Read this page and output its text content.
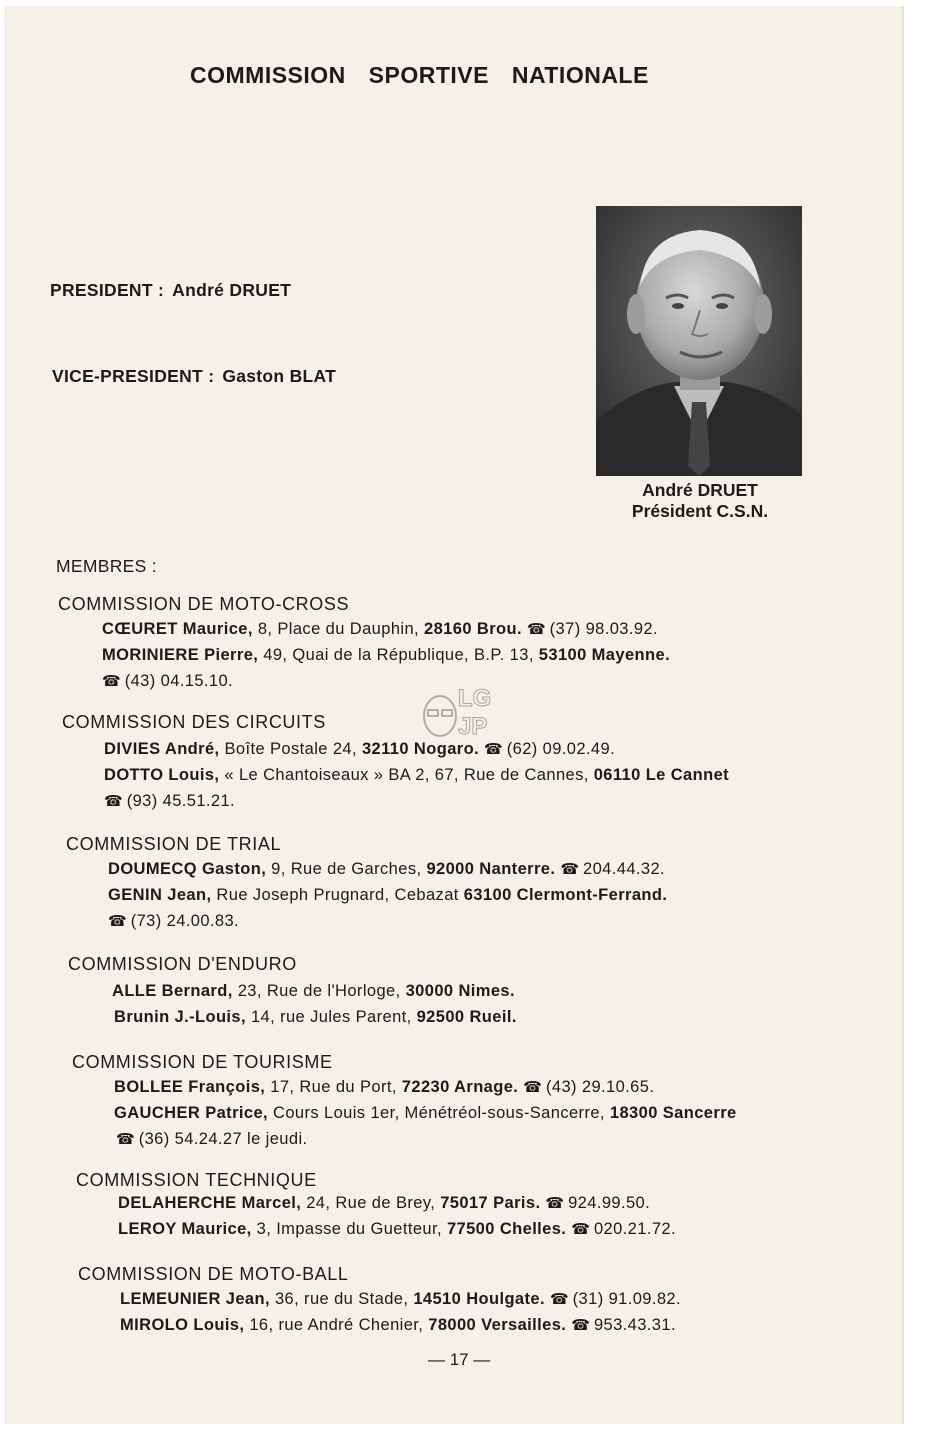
COMMISSION SPORTIVE NATIONALE
PRESIDENT : André DRUET
VICE-PRESIDENT : Gaston BLAT
André DRUET
Président C.S.N.
MEMBRES :
LG
JP
COMMISSION DE MOTO-CROSS
CŒURET Maurice, 8, Place du Dauphin, 28160 Brou. ☎ (37) 98.03.92.
MORINIERE Pierre, 49, Quai de la République, B.P. 13, 53100 Mayenne.
☎ (43) 04.15.10.
COMMISSION DES CIRCUITS
DIVIES André, Boîte Postale 24, 32110 Nogaro. ☎ (62) 09.02.49.
DOTTO Louis, « Le Chantoiseaux » BA 2, 67, Rue de Cannes, 06110 Le Cannet
☎ (93) 45.51.21.
COMMISSION DE TRIAL
DOUMECQ Gaston, 9, Rue de Garches, 92000 Nanterre. ☎ 204.44.32.
GENIN Jean, Rue Joseph Prugnard, Cebazat 63100 Clermont-Ferrand.
☎ (73) 24.00.83.
COMMISSION D'ENDURO
ALLE Bernard, 23, Rue de l'Horloge, 30000 Nimes.
Brunin J.-Louis, 14, rue Jules Parent, 92500 Rueil.
COMMISSION DE TOURISME
BOLLEE François, 17, Rue du Port, 72230 Arnage. ☎ (43) 29.10.65.
GAUCHER Patrice, Cours Louis 1er, Ménétréol-sous-Sancerre, 18300 Sancerre
☎ (36) 54.24.27 le jeudi.
COMMISSION TECHNIQUE
DELAHERCHE Marcel, 24, Rue de Brey, 75017 Paris. ☎ 924.99.50.
LEROY Maurice, 3, Impasse du Guetteur, 77500 Chelles. ☎ 020.21.72.
COMMISSION DE MOTO-BALL
LEMEUNIER Jean, 36, rue du Stade, 14510 Houlgate. ☎ (31) 91.09.82.
MIROLO Louis, 16, rue André Chenier, 78000 Versailles. ☎ 953.43.31.
— 17 —
